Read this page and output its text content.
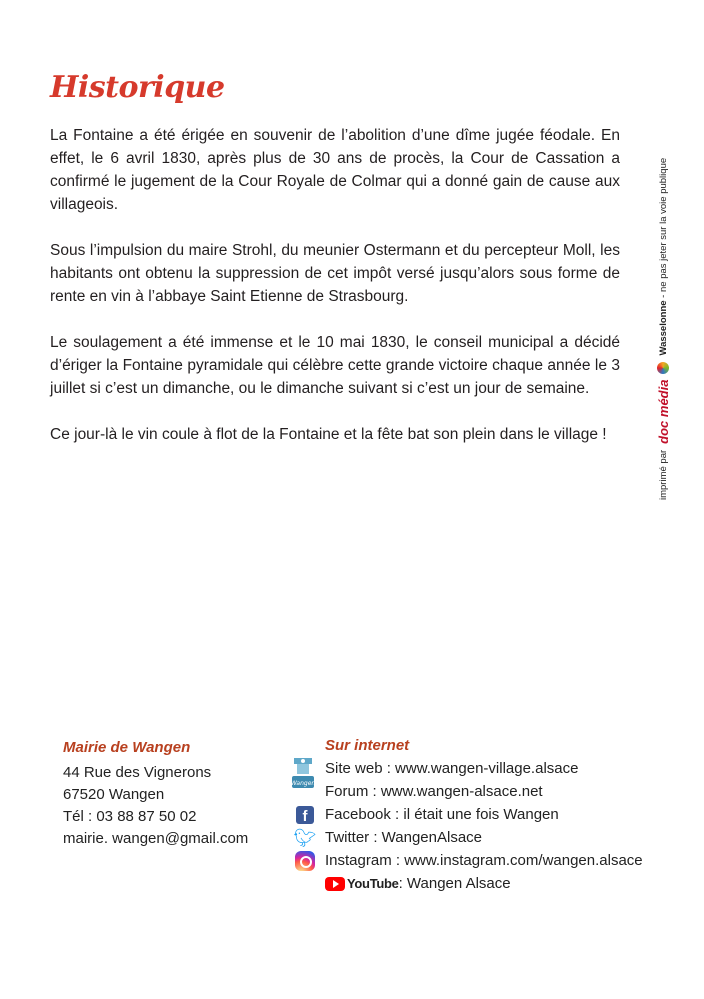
Historique

La Fontaine a été érigée en souvenir de l’abolition d’une dîme jugée féodale. En effet, le 6 avril 1830, après plus de 30 ans de procès, la Cour de Cassation a confirmé le jugement de la Cour Royale de Colmar qui a donné gain de cause aux villageois.

Sous l’impulsion du maire Strohl, du meunier Ostermann et du percepteur Moll, les habitants ont obtenu la suppression de cet impôt versé jusqu’alors sous forme de rente en vin à l’abbaye Saint Etienne de Strasbourg.

Le soulagement a été immense et le 10 mai 1830, le conseil municipal a décidé d’ériger la Fontaine pyramidale qui célèbre cette grande victoire chaque année le 3 juillet si c’est un dimanche, ou le dimanche suivant si c’est un jour de semaine.

Ce jour-là le vin coule à flot de la Fontaine et la fête bat son plein dans le village !

imprimé par
doc média
Wasselonne - ne pas jeter sur la voie publique
Mairie de Wangen
44 Rue des Vignerons
67520 Wangen
Tél : 03 88 87 50 02
mairie. wangen@gmail.com
Sur internet
Wangen
Site web : www.wangen-village.alsace
Forum : www.wangen-alsace.net
f	Facebook : il était une fois Wangen
🐦︎ Twitter : WangenAlsace
Instagram : www.instagram.com/wangen.alsace
YouTube : Wangen Alsace
